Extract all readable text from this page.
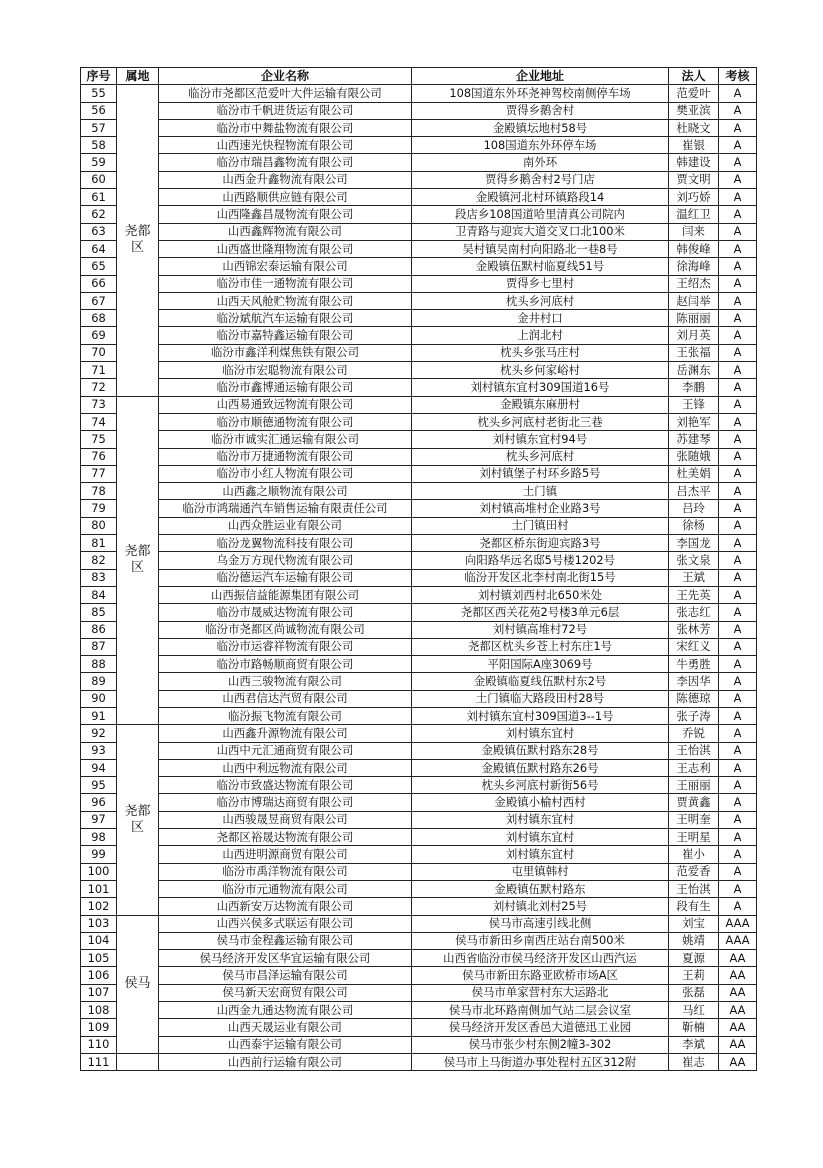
序号	属地	企业名称	企业地址	法人	考核
55	尧都区	临汾市尧都区范爱叶大件运输有限公司	108国道东外环尧神驾校南侧停车场	范爱叶	A
56		临汾市千帆进货运有限公司	贾得乡鹅舍村	樊亚滨	A
57		临汾市中舞盐物流有限公司	金殿镇坛地村58号	杜晓文	A
58		山西速光快程物流有限公司	108国道东外环停车场	崔银	A
59		临汾市瑞昌鑫物流有限公司	南外环	韩建设	A
60		山西金升鑫物流有限公司	贾得乡鹅舍村2号门店	贾文明	A
61		山西路顺供应链有限公司	金殿镇河北村环镇路段14	刘巧娇	A
62		山西隆鑫昌晟物流有限公司	段店乡108国道哈里清真公司院内	温红卫	A
63		山西鑫辉物流有限公司	卫青路与迎宾大道交叉口北100米	闫来	A
64		山西盛世隆翔物流有限公司	吴村镇吴南村向阳路北一巷8号	韩俊峰	A
65		山西锦宏泰运输有限公司	金殿镇伍默村临夏线51号	徐海峰	A
66		临汾市佳一通物流有限公司	贾得乡七里村	王绍杰	A
67		山西天风舱贮物流有限公司	枕头乡河底村	赵闫举	A
68		临汾斌航汽车运输有限公司	金井村口	陈丽丽	A
69		临汾市嘉特鑫运输有限公司	上润北村	刘月英	A
70		临汾市鑫洋利煤焦铁有限公司	枕头乡张马庄村	王张福	A
71		临汾市宏聪物流有限公司	枕头乡何家峪村	岳渊东	A
72		临汾市鑫博通运输有限公司	刘村镇东宜村309国道16号	李鹏	A
73	尧都区	山西易通致远物流有限公司	金殿镇东麻册村	王锋	A
74		临汾市顺德通物流有限公司	枕头乡河底村老街北三巷	刘艳军	A
75		临汾市诚实汇通运输有限公司	刘村镇东宜村94号	苏建琴	A
76		临汾市万捷通物流有限公司	枕头乡河底村	张随娥	A
77		临汾市小红人物流有限公司	刘村镇堡子村环乡路5号	杜美娟	A
78		山西鑫之顺物流有限公司	土门镇	吕杰平	A
79		临汾市鸿瑞通汽车销售运输有限责任公司	刘村镇高堆村企业路3号	吕玲	A
80		山西众胜运业有限公司	土门镇田村	徐杨	A
81		临汾龙翼物流科技有限公司	尧都区桥东街迎宾路3号	李国龙	A
82		乌金万方现代物流有限公司	向阳路华远名邸5号楼1202号	张文泉	A
83		临汾德运汽车运输有限公司	临汾开发区北李村南北街15号	王斌	A
84		山西振信益能源集团有限公司	刘村镇刘西村北650米处	王先英	A
85		临汾市晟威达物流有限公司	尧都区西关花苑2号楼3单元6层	张志红	A
86		临汾市尧都区尚诚物流有限公司	刘村镇高堆村72号	张林芳	A
87		临汾市运睿祥物流有限公司	尧都区枕头乡苍上村东庄1号	宋红义	A
88		临汾市路畅顺商贸有限公司	平阳国际A座3069号	牛勇胜	A
89		山西三骏物流有限公司	金殿镇临夏线伍默村东2号	李因华	A
90		山西君信达汽贸有限公司	土门镇临大路段田村28号	陈德琼	A
91		临汾振飞物流有限公司	刘村镇东宜村309国道3--1号	张子涛	A
92	尧都区	山西鑫升源物流有限公司	刘村镇东宜村	乔锐	A
93		山西中元汇通商贸有限公司	金殿镇伍默村路东28号	王怡淇	A
94		山西中利远物流有限公司	金殿镇伍默村路东26号	王志利	A
95		临汾市致盛达物流有限公司	枕头乡河底村新街56号	王丽丽	A
96		临汾市博瑞达商贸有限公司	金殿镇小榆村西村	贾黄鑫	A
97		山西骏晟昱商贸有限公司	刘村镇东宜村	王明奎	A
98		尧都区裕晟达物流有限公司	刘村镇东宜村	王明星	A
99		山西进明源商贸有限公司	刘村镇东宜村	崔小	A
100		临汾市禹洋物流有限公司	屯里镇韩村	范爱香	A
101		临汾市元通物流有限公司	金殿镇伍默村路东	王怡淇	A
102		山西新安万达物流有限公司	刘村镇北刘村25号	段有生	A
103	侯马	山西兴侯多式联运有限公司	侯马市高速引线北侧	刘宝	AAA
104		侯马市金程鑫运输有限公司	侯马市新田乡南西庄站台南500米	姚靖	AAA
105		侯马经济开发区华宜运输有限公司	山西省临汾市侯马经济开发区山西汽运	夏源	AA
106		侯马市昌泽运输有限公司	侯马市新田东路亚欧桥市场A区	王莉	AA
107		侯马新天宏商贸有限公司	侯马市单家营村东大运路北	张磊	AA
108		山西金九通达物流有限公司	侯马市北环路南侧加气站二层会议室	马红	AA
109		山西天晟运业有限公司	侯马经济开发区香邑大道德迅工业园	靳楠	AA
110		山西泰宇运输有限公司	侯马市张少村东侧2幢3-302	李斌	AA
111		山西前行运输有限公司	侯马市上马街道办事处程村五区312附	崔志	AA
